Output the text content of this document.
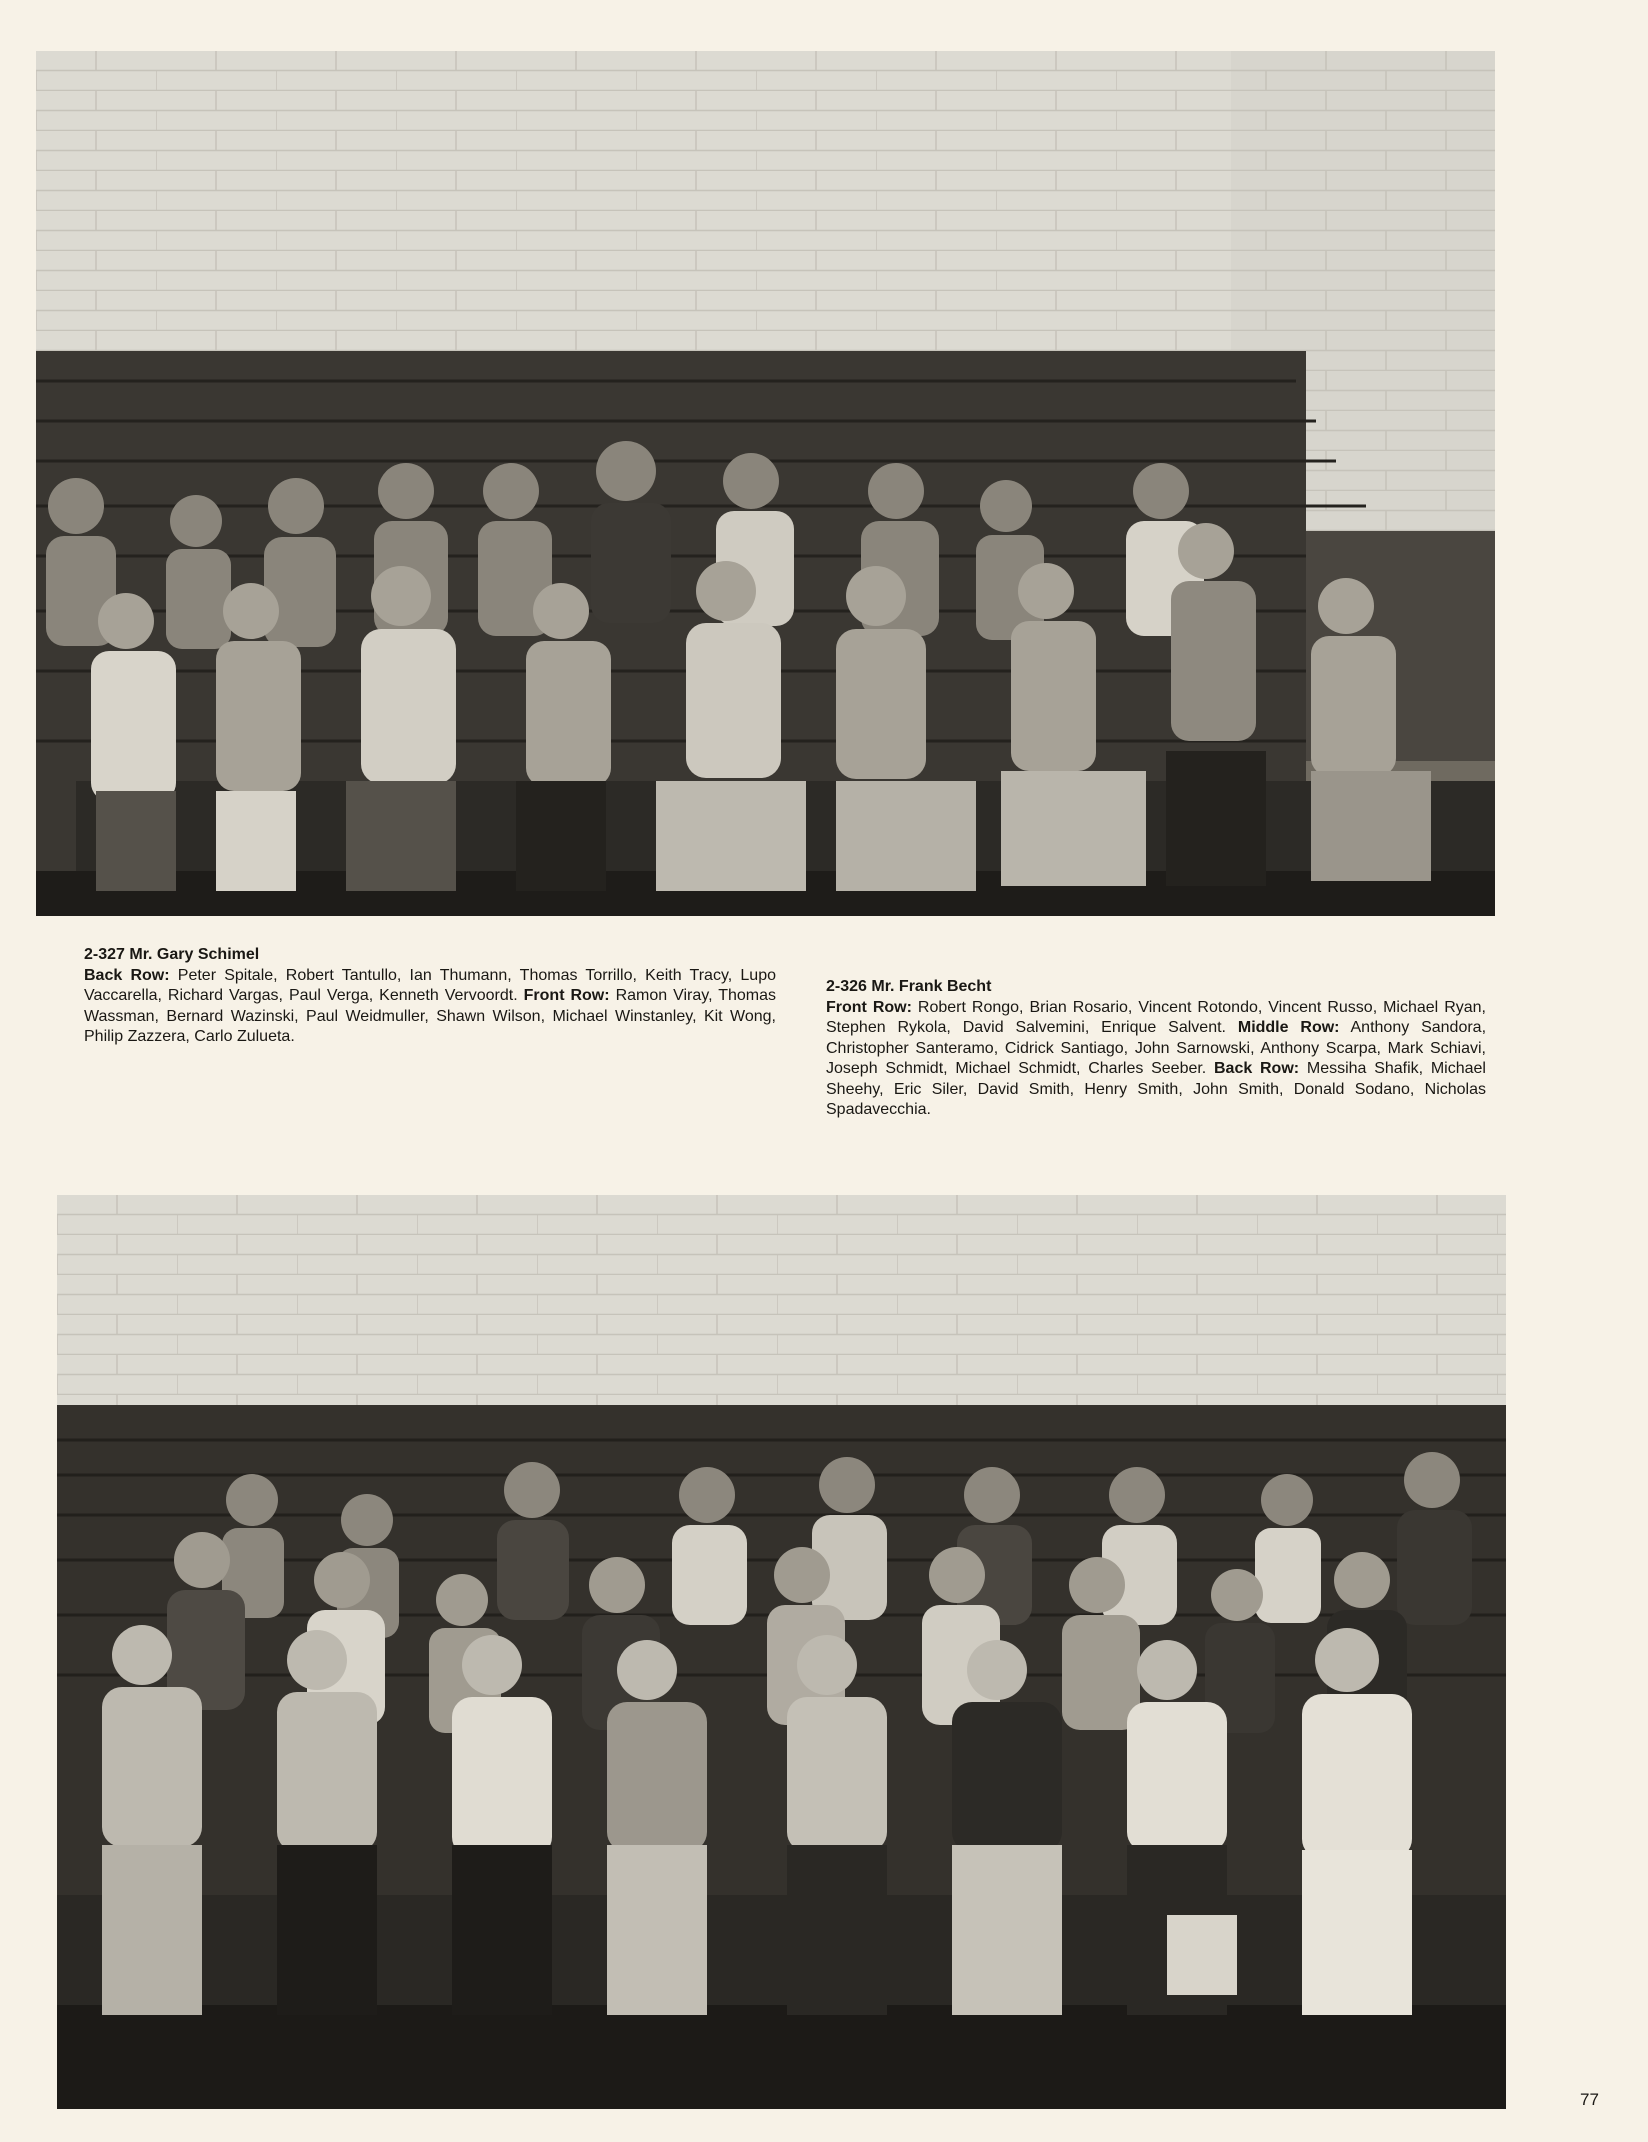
2-327 Mr. Gary Schimel
Back Row: Peter Spitale, Robert Tantullo, Ian Thumann, Thomas Torrillo, Keith Tracy, Lupo Vaccarella, Richard Vargas, Paul Verga, Kenneth Vervoordt. Front Row: Ramon Viray, Thomas Wassman, Bernard Wazinski, Paul Weidmuller, Shawn Wilson, Michael Winstanley, Kit Wong, Philip Zazzera, Carlo Zulueta.
2-326 Mr. Frank Becht
Front Row: Robert Rongo, Brian Rosario, Vincent Rotondo, Vincent Russo, Michael Ryan, Stephen Rykola, David Salvemini, Enrique Salvent. Middle Row: Anthony Sandora, Christopher Santeramo, Cidrick Santiago, John Sarnowski, Anthony Scarpa, Mark Schiavi, Joseph Schmidt, Michael Schmidt, Charles Seeber. Back Row: Messiha Shafik, Michael Sheehy, Eric Siler, David Smith, Henry Smith, John Smith, Donald Sodano, Nicholas Spadavecchia.
77
